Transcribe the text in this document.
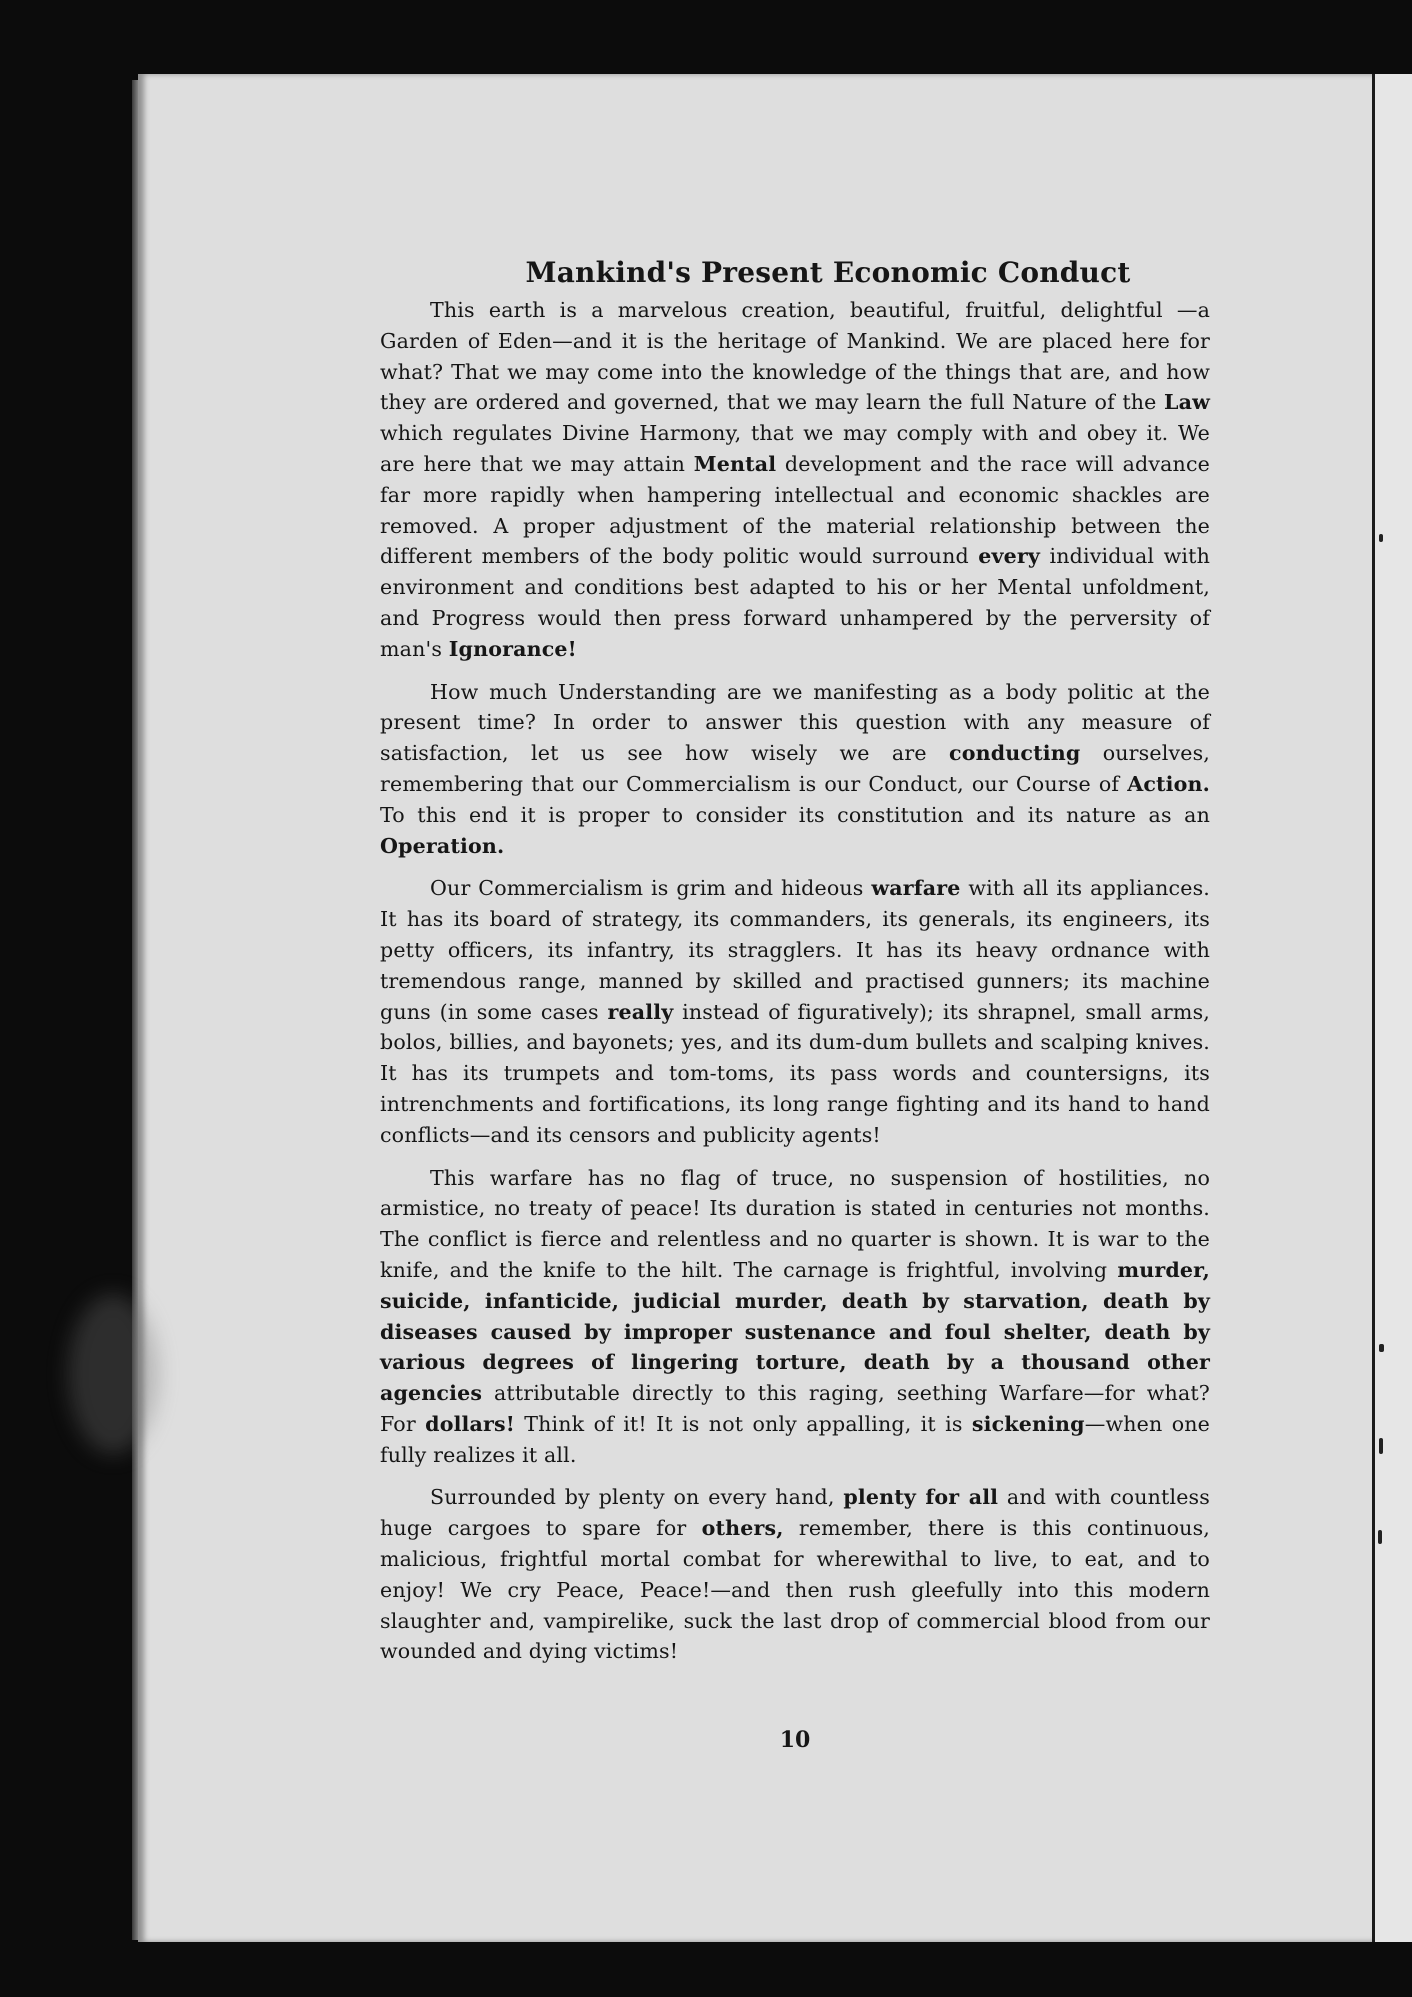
Mankind's Present Economic Conduct

This earth is a marvelous creation, beautiful, fruitful, delightful —a Garden of Eden—and it is the heritage of Mankind. We are placed here for what? That we may come into the knowledge of the things that are, and how they are ordered and governed, that we may learn the full Nature of the Law which regulates Divine Harmony, that we may comply with and obey it. We are here that we may attain Mental development and the race will advance far more rapidly when hampering intellectual and economic shackles are removed. A proper adjustment of the material relationship between the different members of the body politic would surround every individual with environment and conditions best adapted to his or her Mental unfoldment, and Progress would then press forward unhampered by the perversity of man's Ignorance!

How much Understanding are we manifesting as a body politic at the present time? In order to answer this question with any measure of satisfaction, let us see how wisely we are conducting ourselves, remembering that our Commercialism is our Conduct, our Course of Action. To this end it is proper to consider its constitution and its nature as an Operation.

Our Commercialism is grim and hideous warfare with all its appliances. It has its board of strategy, its commanders, its generals, its engineers, its petty officers, its infantry, its stragglers. It has its heavy ordnance with tremendous range, manned by skilled and practised gunners; its machine guns (in some cases really instead of figuratively); its shrapnel, small arms, bolos, billies, and bayonets; yes, and its dum-dum bullets and scalping knives. It has its trumpets and tom-toms, its pass words and countersigns, its intrenchments and fortifications, its long range fighting and its hand to hand conflicts—and its censors and publicity agents!

This warfare has no flag of truce, no suspension of hostilities, no armistice, no treaty of peace! Its duration is stated in centuries not months. The conflict is fierce and relentless and no quarter is shown. It is war to the knife, and the knife to the hilt. The carnage is frightful, involving murder, suicide, infanticide, judicial murder, death by starvation, death by diseases caused by improper sustenance and foul shelter, death by various degrees of lingering torture, death by a thousand other agencies attributable directly to this raging, seething Warfare—for what? For dollars! Think of it! It is not only appalling, it is sickening—when one fully realizes it all.

Surrounded by plenty on every hand, plenty for all and with countless huge cargoes to spare for others, remember, there is this continuous, malicious, frightful mortal combat for wherewithal to live, to eat, and to enjoy! We cry Peace, Peace!—and then rush gleefully into this modern slaughter and, vampirelike, suck the last drop of commercial blood from our wounded and dying victims!

10
